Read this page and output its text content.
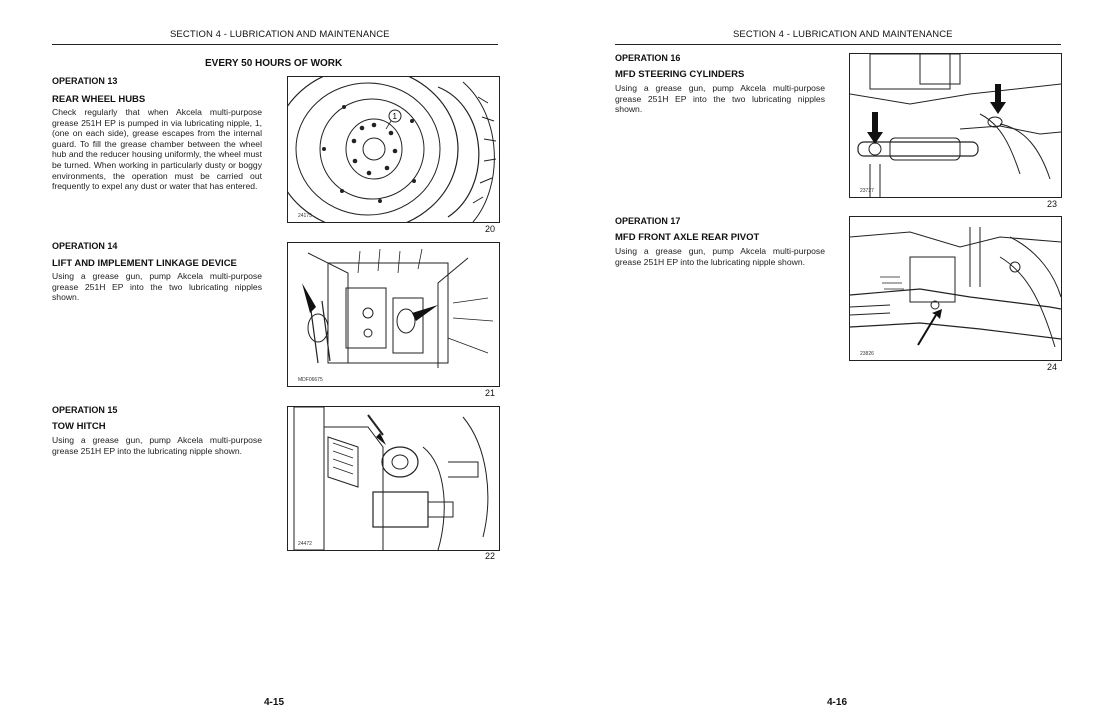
SECTION 4 - LUBRICATION AND MAINTENANCE
EVERY 50 HOURS OF WORK
OPERATION 13
REAR WHEEL HUBS

Check regularly that when Akcela multi-purpose grease 251H EP is pumped in via lubricating nipple, 1, (one on each side), grease escapes from the internal guard. To fill the grease chamber between the wheel hub and the reducer housing uniformly, the wheel must be turned. When working in particularly dusty or boggy environments, the operation must be carried out frequently to expel any dust or water that has entered.

1
24175
20
OPERATION 14
LIFT AND IMPLEMENT LINKAGE DEVICE

Using a grease gun, pump Akcela multi-purpose grease 251H EP into the two lubricating nipples shown.

MDF06675
21
OPERATION 15
TOW HITCH

Using a grease gun, pump Akcela multi-purpose grease 251H EP into the lubricating nipple shown.

24472
22
4-15
SECTION 4 - LUBRICATION AND MAINTENANCE
OPERATION 16
MFD STEERING CYLINDERS

Using a grease gun, pump Akcela multi-purpose grease 251H EP into the two lubricating nipples shown.

23727
23
OPERATION 17
MFD FRONT AXLE REAR PIVOT

Using a grease gun, pump Akcela multi-purpose grease 251H EP into the lubricating nipple shown.

23826
24
4-16
